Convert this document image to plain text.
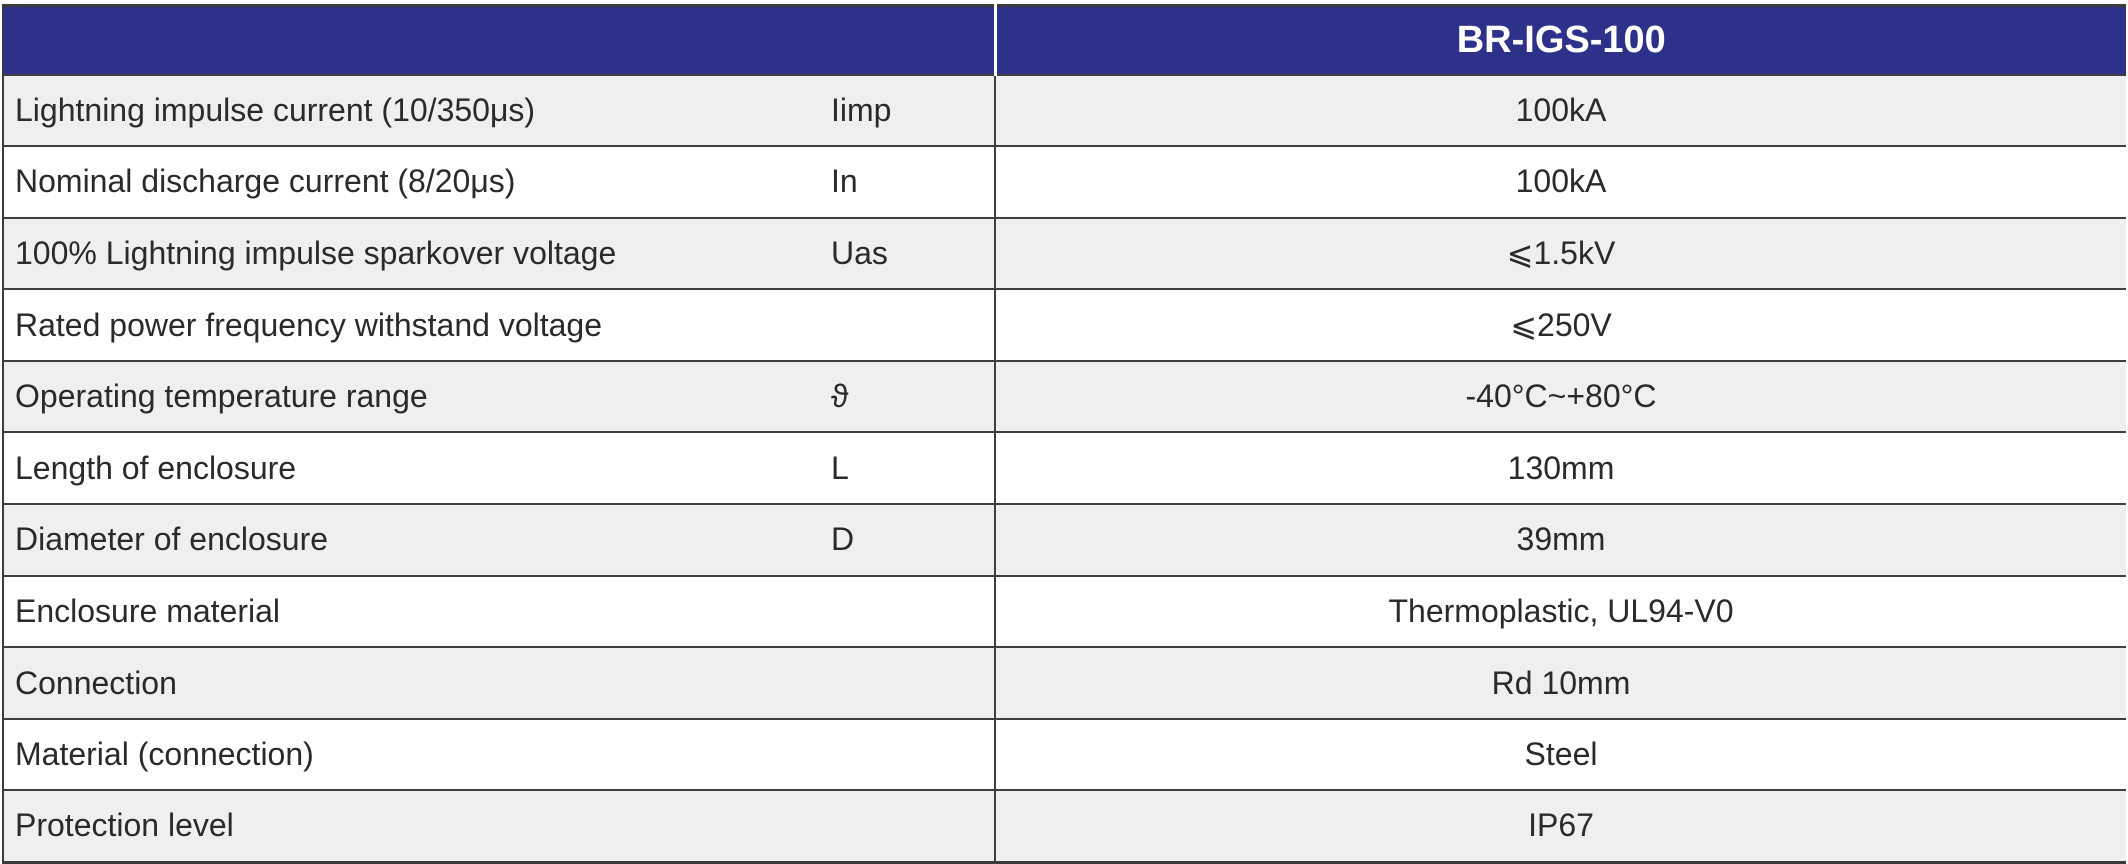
		BR-IGS-100
Lightning impulse current (10/350μs)	Iimp	100kA
Nominal discharge current (8/20μs)	In	100kA
100% Lightning impulse sparkover voltage	Uas	⩽1.5kV
Rated power frequency withstand voltage		⩽250V
Operating temperature range	ϑ	-40°C~+80°C
Length of enclosure	L	130mm
Diameter of enclosure	D	39mm
Enclosure material		Thermoplastic, UL94-V0
Connection		Rd 10mm
Material (connection)		Steel
Protection level		IP67
